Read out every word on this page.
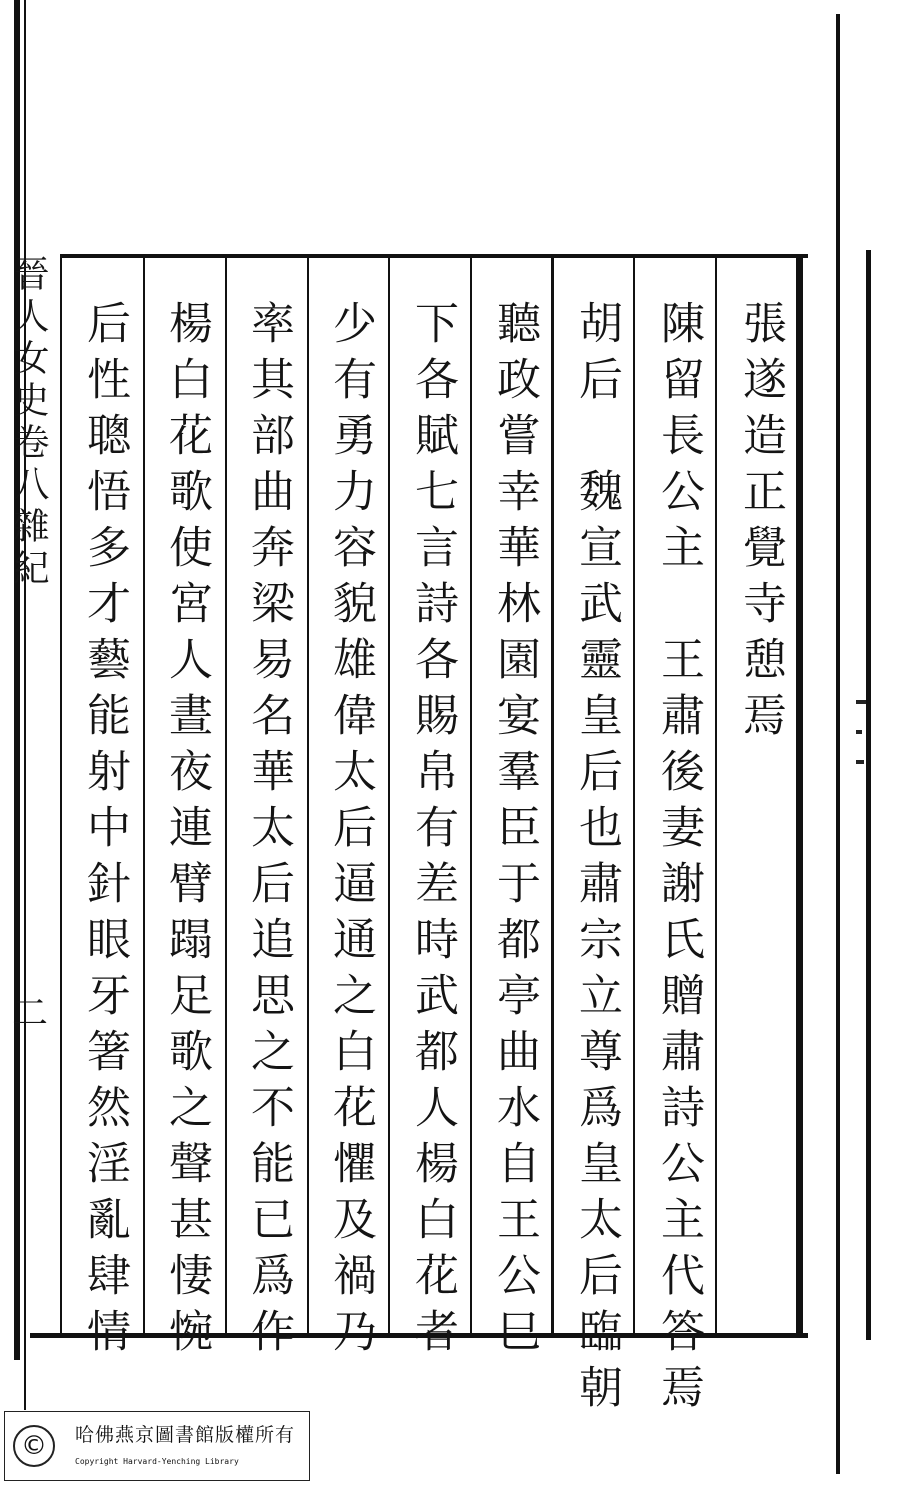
晉人女史卷八雜紀
二
張遂造正覺寺憩焉
陳留長公主　王肅後妻謝氏贈肅詩公主代答焉
胡后　魏宣武靈皇后也肅宗立尊爲皇太后臨朝
聽政嘗幸華林園宴羣臣于都亭曲水自王公巳
下各賦七言詩各賜帛有差時武都人楊白花者
少有勇力容貌雄偉太后逼通之白花懼及禍乃
率其部曲奔梁易名華太后追思之不能已爲作
楊白花歌使宮人晝夜連臂蹋足歌之聲甚悽惋
后性聰悟多才藝能射中針眼牙箸然淫亂肆情
©	哈佛燕京圖書館版權所有
Copyright Harvard-Yenching Library
